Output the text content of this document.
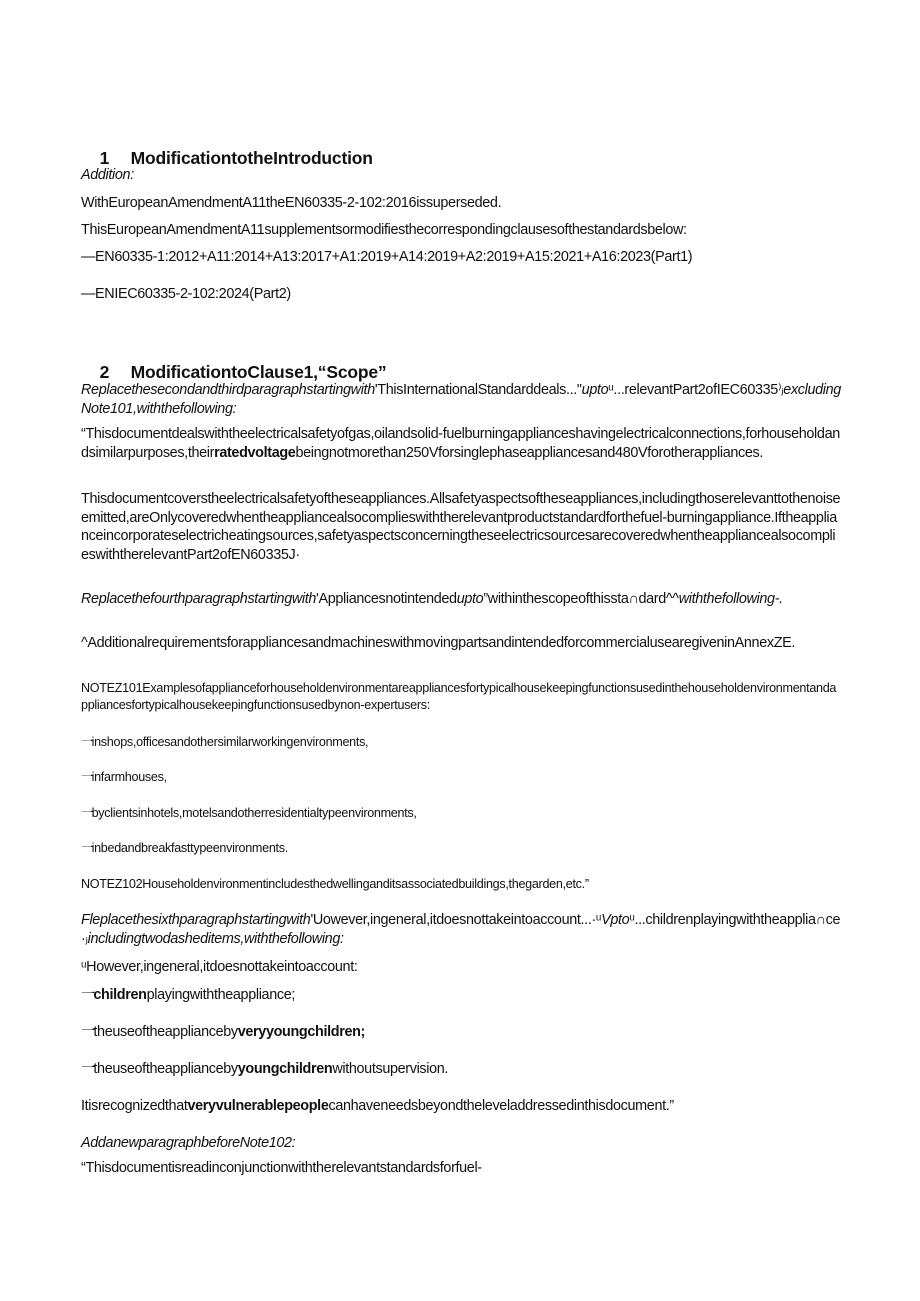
1 ModificationtotheIntroduction

Addition:

WithEuropeanAmendmentA11theEN60335-2-102:2016issuperseded.

ThisEuropeanAmendmentA11supplementsormodifiesthecorrespondingclausesofthestandardsbelow:

—EN60335-1:2012+A11:2014+A13:2017+A1:2019+A14:2019+A2:2019+A15:2021+A16:2023(Part1)

—ENIEC60335-2-102:2024(Part2)

2 ModificationtoClause1,“Scope”

Replacethesecondandthirdparagraphstartingwith'ThisInternationalStandarddeals..."uptoᵘ...relevantPart2ofIEC60335⁾ⱼexcludingNote101,withthefollowing:

“Thisdocumentdealswiththeelectricalsafetyofgas,oilandsolid-fuelburningapplianceshavingelectricalconnections,forhouseholdandsimilarpurposes,theirratedvoltagebeingnotmorethan250Vforsinglephaseappliancesand480Vforotherappliances.

Thisdocumentcoverstheelectricalsafetyoftheseappliances.Allsafetyaspectsoftheseappliances,includingthoserelevanttothenoiseemitted,areOnlycoveredwhentheappliancealsocomplieswiththerelevantproductstandardforthefuel-burningappliance.Iftheapplianceincorporateselectricheatingsources,safetyaspectsconcerningtheseelectricsourcesarecoveredwhentheappliancealsocomplieswiththerelevantPart2ofEN60335J·

Replacethefourthparagraphstartingwith'Appliancesnotintendedupto”withinthescopeofthissta∩dard^^withthefollowing-.

^AdditionalrequirementsforappliancesandmachineswithmovingpartsandintendedforcommercialusearegiveninAnnexZE.

NOTEZ101Examplesofapplianceforhouseholdenvironmentareappliancesfortypicalhousekeepingfunctionsusedinthehouseholdenvironmentandappliancesfortypicalhousekeepingfunctionsusedbynon-expertusers:

一inshops,officesandothersimilarworkingenvironments,

一infarmhouses,

一byclientsinhotels,motelsandotherresidentialtypeenvironments,

一inbedandbreakfasttypeenvironments.

NOTEZ102Householdenvironmentincludesthedwellinganditsassociatedbuildings,thegarden,etc.”

Fleplacethesixthparagraphstartingwith'Uowever,ingeneral,itdoesnottakeintoaccount...·ᵘVptoᵘ...childrenplayingwiththeapplia∩ce·ⱼincludingtwodasheditems,withthefollowing:

ᵘHowever,ingeneral,itdoesnottakeintoaccount:

一childrenplayingwiththeappliance;

一theuseoftheappliancebyveryyoungchildren;

一theuseoftheappliancebyyoungchildrenwithoutsupervision.

Itisrecognizedthatveryvulnerablepeoplecanhaveneedsbeyondtheleveladdressedinthisdocument.”

AddanewparagraphbeforeNote102:

“Thisdocumentisreadinconjunctionwiththerelevantstandardsforfuel-
